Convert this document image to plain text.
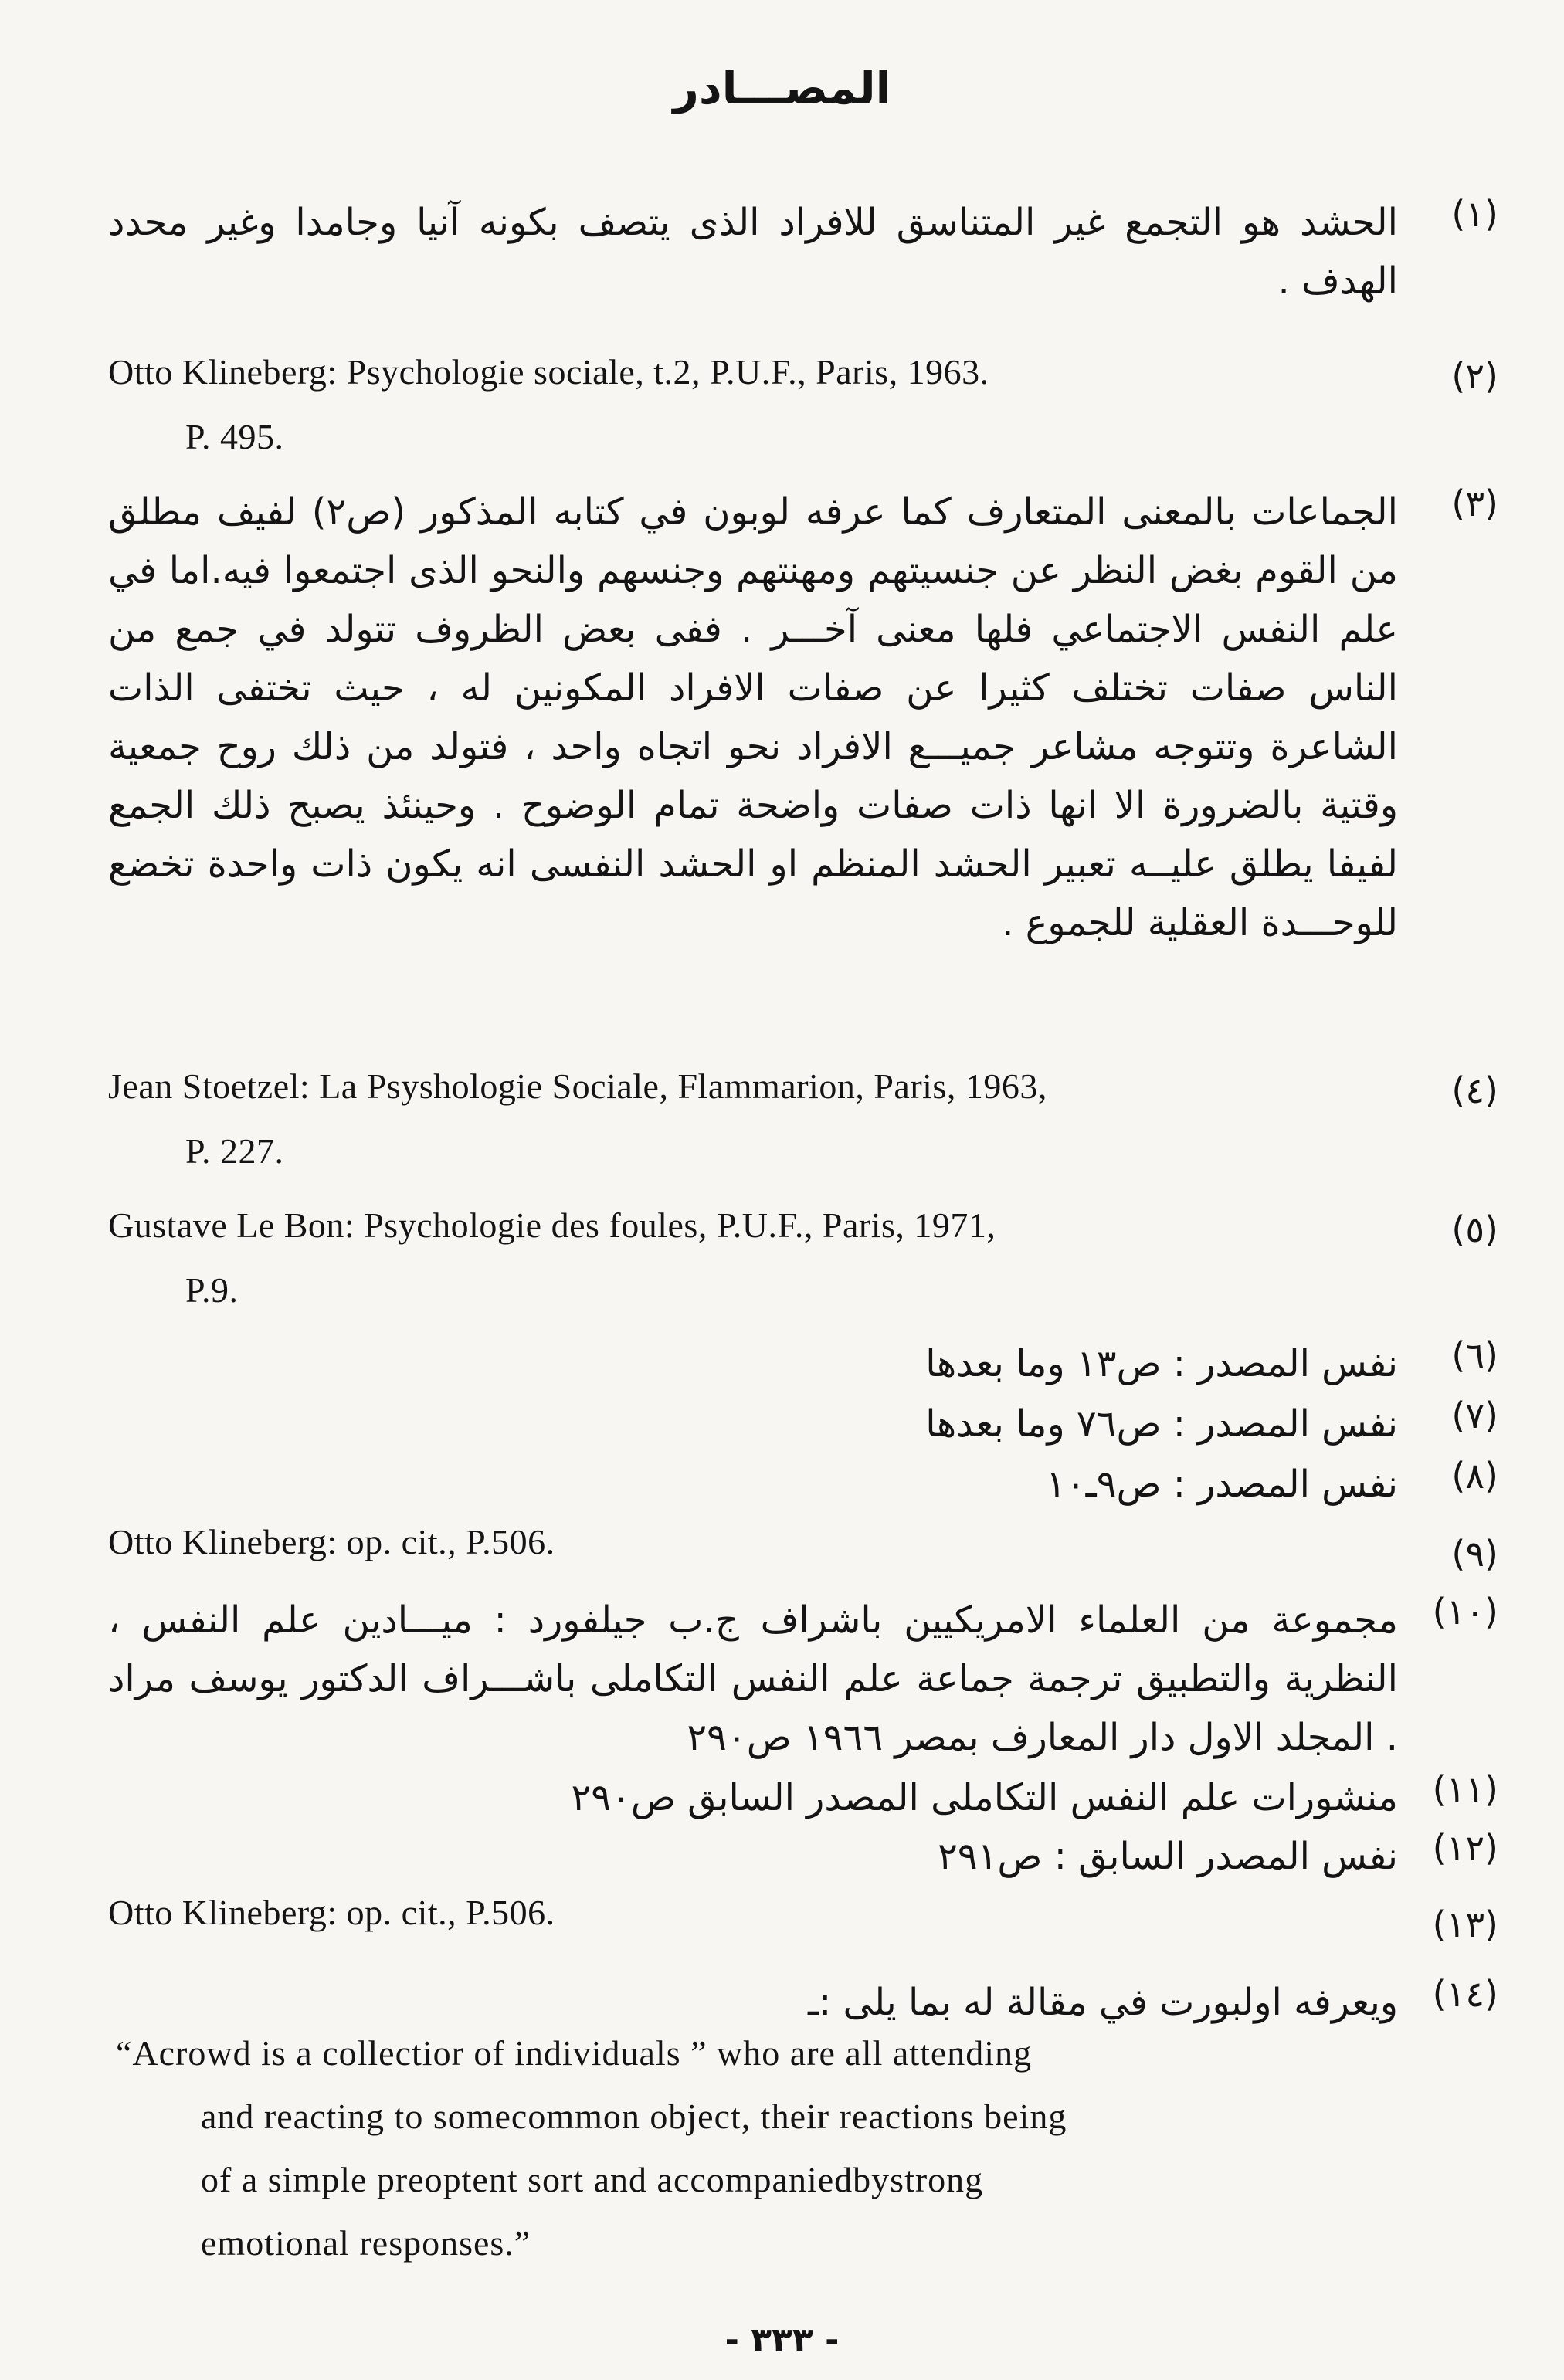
المصـــادر
(١)
الحشد هو التجمع غير المتناسق للافراد الذى يتصف بكونه آنيا وجامدا وغير محدد الهدف .
(٢)
Otto Klineberg: Psychologie sociale, t.2, P.U.F., Paris, 1963.
P. 495.
(٣)
الجماعات بالمعنى المتعارف كما عرفه لوبون في كتابه المذكور (ص٢) لفيف مطلق من القوم بغض النظر عن جنسيتهم ومهنتهم وجنسهم والنحو الذى اجتمعوا فيه.اما في علم النفس الاجتماعي فلها معنى آخـــر . ففى بعض الظروف تتولد في جمع من الناس صفات تختلف كثيرا عن صفات الافراد المكونين له ، حيث تختفى الذات الشاعرة وتتوجه مشاعر جميـــع الافراد نحو اتجاه واحد ، فتولد من ذلك روح جمعية وقتية بالضرورة الا انها ذات صفات واضحة تمام الوضوح . وحينئذ يصبح ذلك الجمع لفيفا يطلق عليــه تعبير الحشد المنظم او الحشد النفسى انه يكون ذات واحدة تخضع للوحـــدة العقلية للجموع .
(٤)
Jean Stoetzel: La Psyshologie Sociale, Flammarion, Paris, 1963,
P. 227.
(٥)
Gustave Le Bon: Psychologie des foules, P.U.F., Paris, 1971,
P.9.
(٦)
نفس المصدر : ص١٣ وما بعدها
(٧)
نفس المصدر : ص٧٦ وما بعدها
(٨)
نفس المصدر : ص٩ـ١٠
(٩)
Otto Klineberg: op. cit., P.506.
(١٠)
مجموعة من العلماء الامريكيين باشراف ج.ب جيلفورد : ميـــادين علم النفس ، النظرية والتطبيق ترجمة جماعة علم النفس التكاملى باشـــراف الدكتور يوسف مراد . المجلد الاول دار المعارف بمصر ١٩٦٦ ص٢٩٠
(١١)
منشورات علم النفس التكاملى المصدر السابق ص٢٩٠
(١٢)
نفس المصدر السابق : ص٢٩١
(١٣)
Otto Klineberg: op. cit., P.506.
(١٤)
ويعرفه اولبورت في مقالة له بما يلى :ـ
“Acrowd is a collectior of individuals ” who are all attending
and reacting to somecommon object, their reactions being
of a simple preoptent sort and accompaniedbystrong
emotional responses.”
- ٣٣٣ -
